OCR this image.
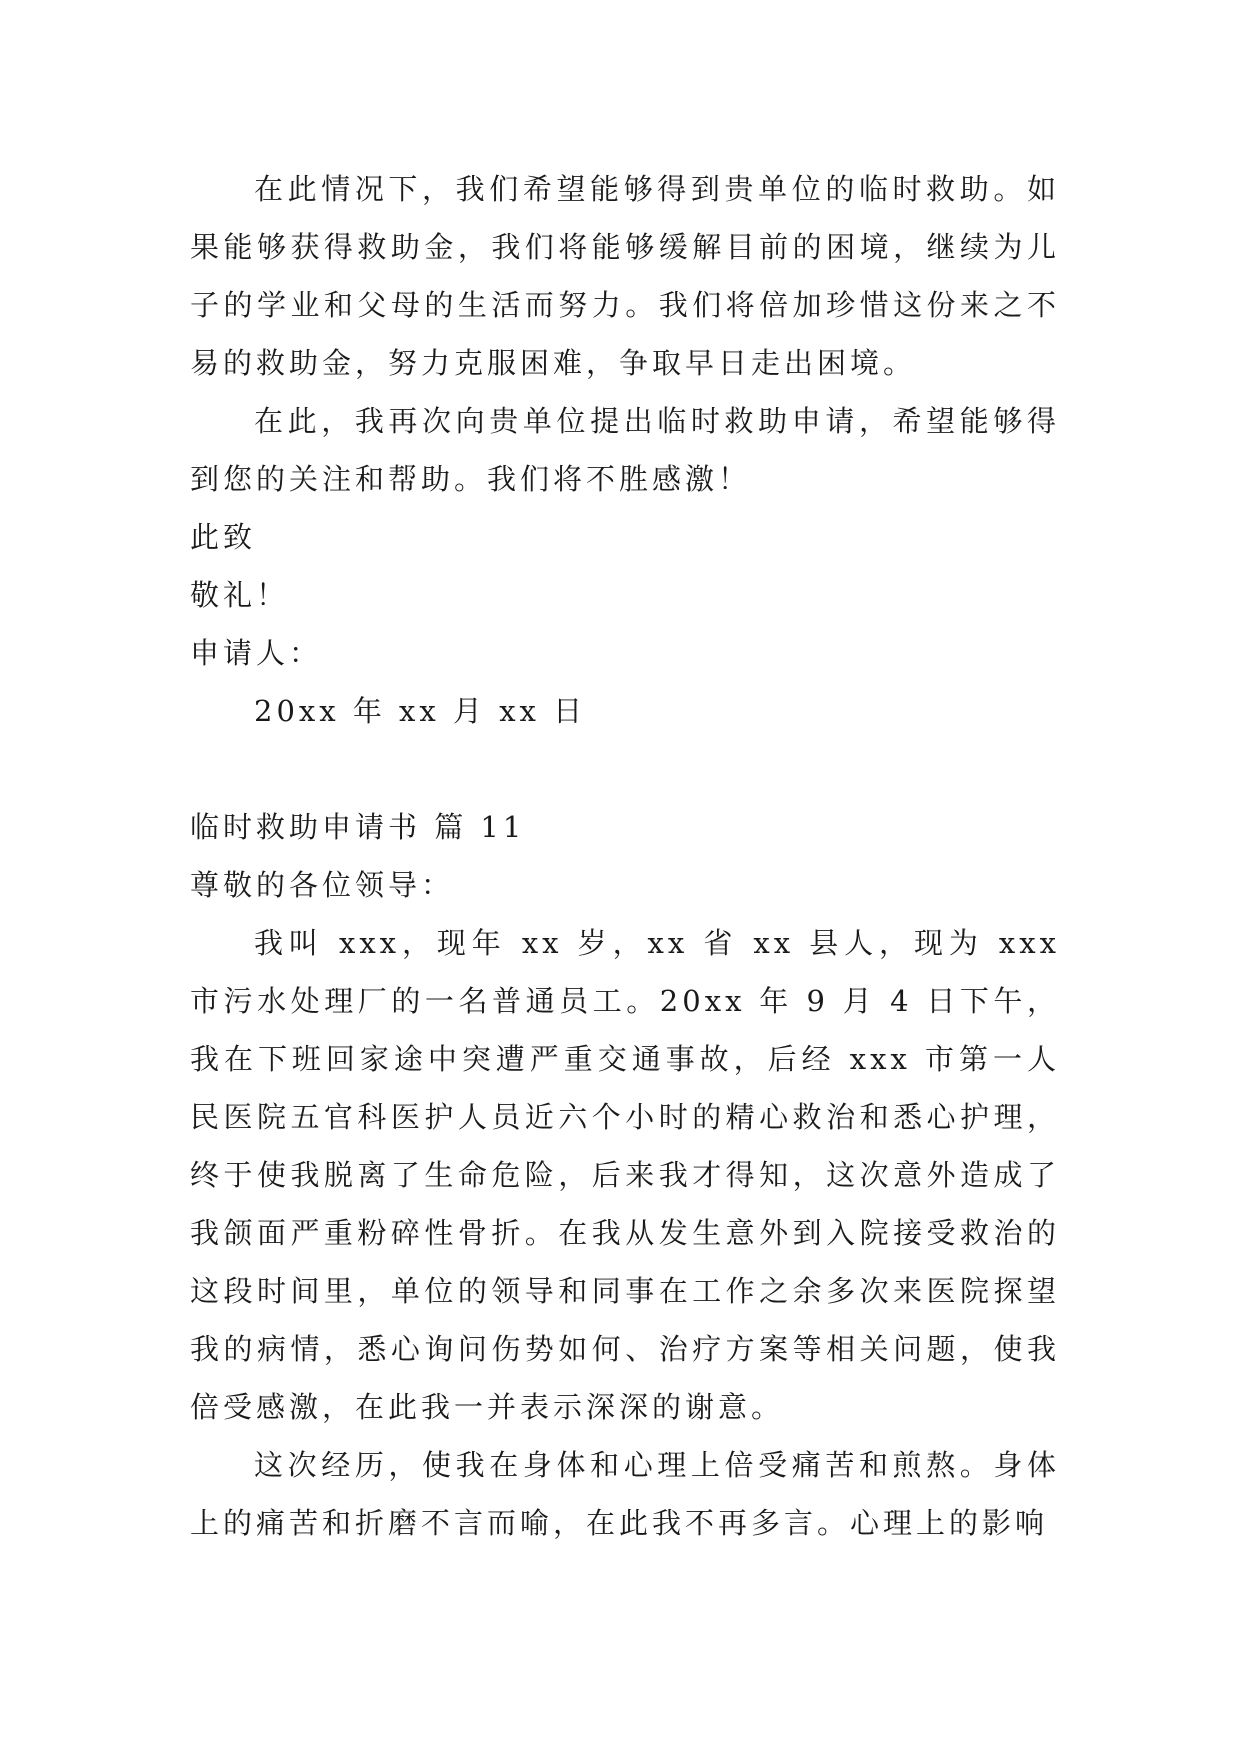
在此情况下，我们希望能够得到贵单位的临时救助。如果能够获得救助金，我们将能够缓解目前的困境，继续为儿子的学业和父母的生活而努力。我们将倍加珍惜这份来之不易的救助金，努力克服困难，争取早日走出困境。

在此，我再次向贵单位提出临时救助申请，希望能够得到您的关注和帮助。我们将不胜感激！

此致

敬礼！

申请人：

20xx 年 xx 月 xx 日

临时救助申请书 篇 11

尊敬的各位领导：

我叫 xxx，现年 xx 岁，xx 省 xx 县人，现为 xxx 市污水处理厂的一名普通员工。20xx 年 9 月 4 日下午，我在下班回家途中突遭严重交通事故，后经 xxx 市第一人民医院五官科医护人员近六个小时的精心救治和悉心护理，终于使我脱离了生命危险，后来我才得知，这次意外造成了我颌面严重粉碎性骨折。在我从发生意外到入院接受救治的这段时间里，单位的领导和同事在工作之余多次来医院探望我的病情，悉心询问伤势如何、治疗方案等相关问题，使我倍受感激，在此我一并表示深深的谢意。

这次经历，使我在身体和心理上倍受痛苦和煎熬。身体上的痛苦和折磨不言而喻，在此我不再多言。心理上的影响
